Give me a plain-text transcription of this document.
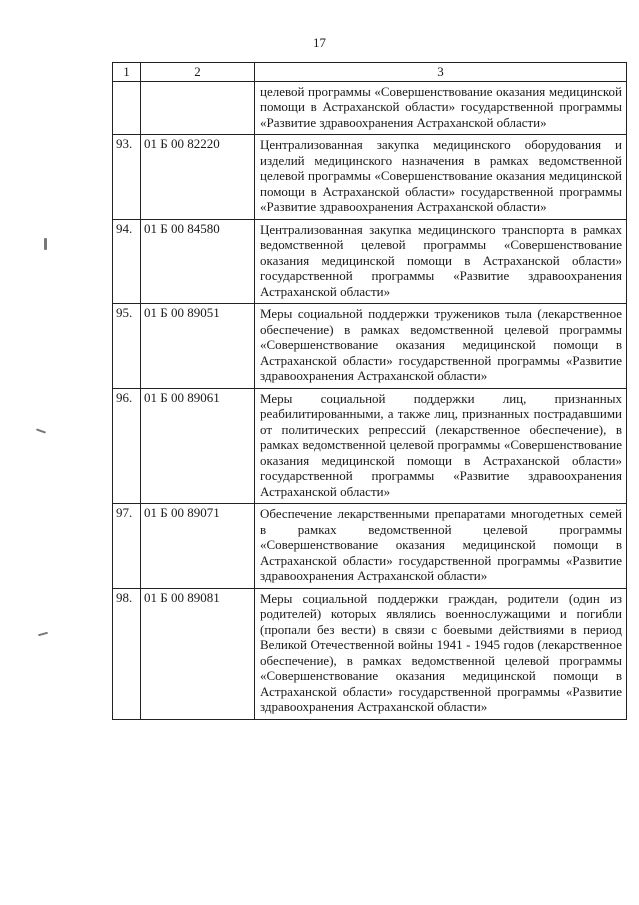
17
1	2	3
		целевой программы «Совершенствование оказания медицинской помощи в Астраханской области» государственной программы «Развитие здравоохранения Астраханской области»
93.	01 Б 00 82220	Централизованная закупка медицинского оборудования и изделий медицинского назначения в рамках ведомственной целевой программы «Совершенствование оказания медицинской помощи в Астраханской области» государственной программы «Развитие здравоохранения Астраханской области»
94.	01 Б 00 84580	Централизованная закупка медицинского транспорта в рамках ведомственной целевой программы «Совершенствование оказания медицинской помощи в Астраханской области» государственной программы «Развитие здравоохранения Астраханской области»
95.	01 Б 00 89051	Меры социальной поддержки тружеников тыла (лекарственное обеспечение) в рамках ведомственной целевой программы «Совершенствование оказания медицинской помощи в Астраханской области» государственной программы «Развитие здравоохранения Астраханской области»
96.	01 Б 00 89061	Меры социальной поддержки лиц, признанных реабилитированными, а также лиц, признанных пострадавшими от политических репрессий (лекарственное обеспечение), в рамках ведомственной целевой программы «Совершенствование оказания медицинской помощи в Астраханской области» государственной программы «Развитие здравоохранения Астраханской области»
97.	01 Б 00 89071	Обеспечение лекарственными препаратами многодетных семей в рамках ведомственной целевой программы «Совершенствование оказания медицинской помощи в Астраханской области» государственной программы «Развитие здравоохранения Астраханской области»
98.	01 Б 00 89081	Меры социальной поддержки граждан, родители (один из родителей) которых являлись военнослужащими и погибли (пропали без вести) в связи с боевыми действиями в период Великой Отечественной войны 1941 - 1945 годов (лекарственное обеспечение), в рамках ведомственной целевой программы «Совершенствование оказания медицинской помощи в Астраханской области» государственной программы «Развитие здравоохранения Астраханской области»
